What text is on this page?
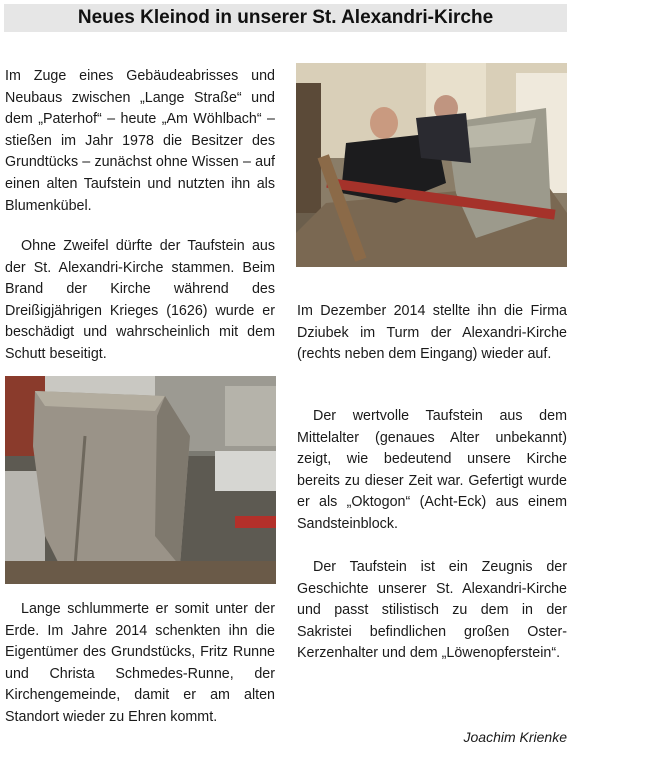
Neues Kleinod in unserer St. Alexandri-Kirche

Im Zuge eines Gebäudeabrisses und Neubaus zwischen „Lange Straße“ und dem „Paterhof“ – heute „Am Wöhlbach“ – stießen im Jahr 1978 die Besitzer des Grundtücks – zunächst ohne Wissen – auf einen alten Taufstein und nutzten ihn als Blumenkübel.

Ohne Zweifel dürfte der Taufstein aus der St. Alexandri-Kirche stammen. Beim Brand der Kirche während des Dreißigjährigen Krieges (1626) wurde er beschädigt und wahrscheinlich mit dem Schutt beseitigt.

Lange schlummerte er somit unter der Erde. Im Jahre 2014 schenkten ihn die Eigentümer des Grundstücks, Fritz Runne und Christa Schmedes-Runne, der Kirchengemeinde, damit er am alten Standort wieder zu Ehren kommt.

Im Dezember 2014 stellte ihn die Firma Dziubek im Turm der Alexandri-Kirche (rechts neben dem Eingang) wieder auf.

Der wertvolle Taufstein aus dem Mittelalter (genaues Alter unbekannt) zeigt, wie bedeutend unsere Kirche bereits zu dieser Zeit war. Gefertigt wurde er als „Oktogon“ (Acht-Eck) aus einem Sandsteinblock.

Der Taufstein ist ein Zeugnis der Geschichte unserer St. Alexandri-Kirche und passt stilistisch zu dem in der Sakristei befindlichen großen Oster-Kerzenhalter und dem „Löwenopferstein“.

Joachim Krienke
